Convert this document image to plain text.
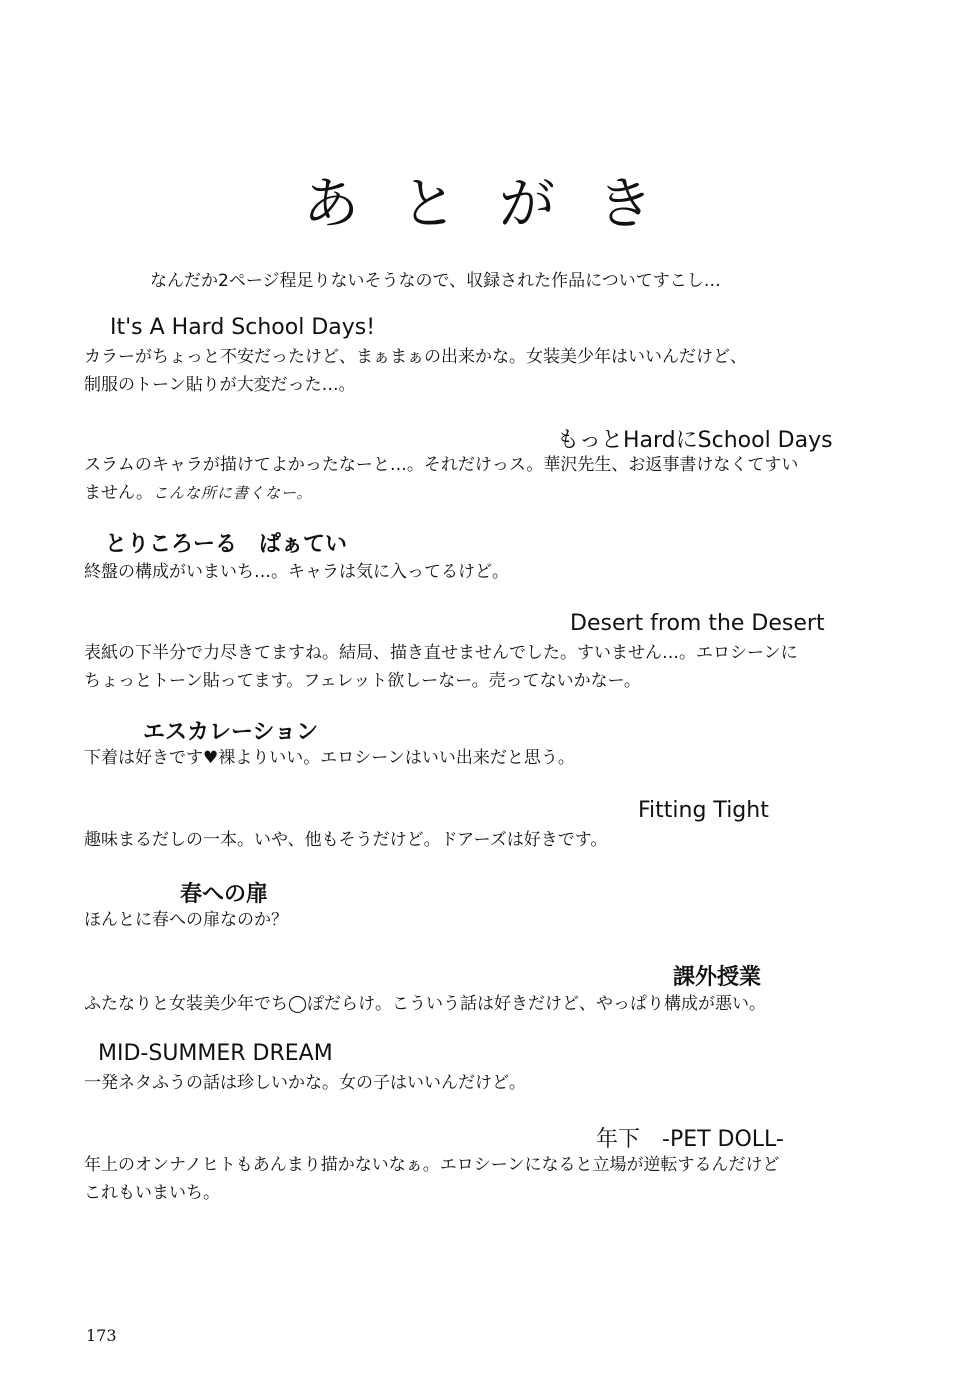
あとがき
なんだか2ページ程足りないそうなので、収録された作品についてすこし…
It's A Hard School Days!
カラーがちょっと不安だったけど、まぁまぁの出来かな。女装美少年はいいんだけど、
制服のトーン貼りが大変だった…。
もっとHardにSchool Days
スラムのキャラが描けてよかったなーと…。それだけっス。華沢先生、お返事書けなくてすい
ません。こんな所に書くなー。
とりころーる　ぱぁてい
終盤の構成がいまいち…。キャラは気に入ってるけど。
Desert from the Desert
表紙の下半分で力尽きてますね。結局、描き直せませんでした。すいません…。エロシーンに
ちょっとトーン貼ってます。フェレット欲しーなー。売ってないかなー。
エスカレーション
下着は好きです♥裸よりいい。エロシーンはいい出来だと思う。
Fitting Tight
趣味まるだしの一本。いや、他もそうだけど。ドアーズは好きです。
春への扉
ほんとに春への扉なのか？
課外授業
ふたなりと女装美少年でち◯ぽだらけ。こういう話は好きだけど、やっぱり構成が悪い。
MID-SUMMER DREAM
一発ネタふうの話は珍しいかな。女の子はいいんだけど。
年下　-PET DOLL-
年上のオンナノヒトもあんまり描かないなぁ。エロシーンになると立場が逆転するんだけど
これもいまいち。
173
